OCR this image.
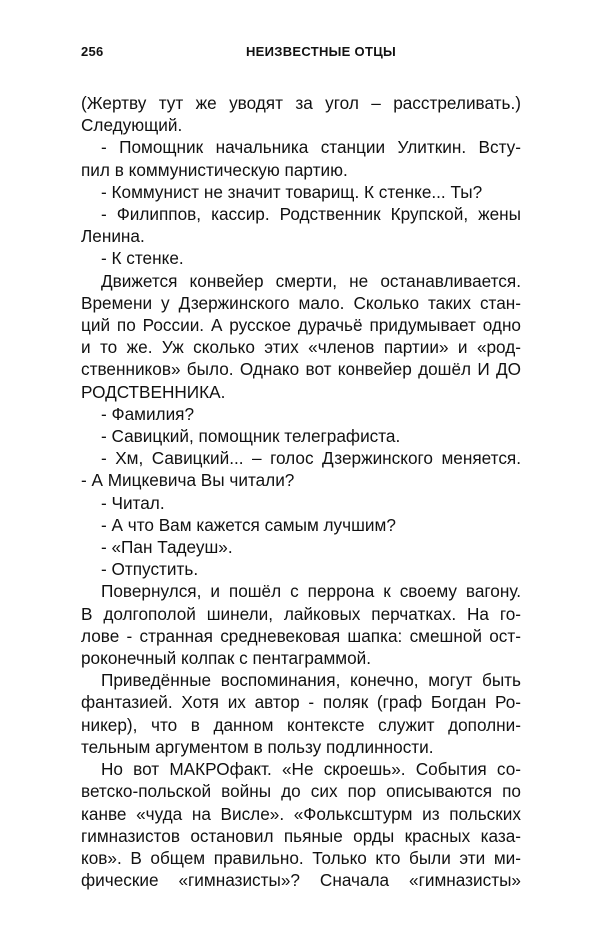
256	НЕИЗВЕСТНЫЕ ОТЦЫ
(Жертву тут же уводят за угол – расстреливать.)
Следующий.
- Помощник начальника станции Улиткин. Всту-
пил в коммунистическую партию.
- Коммунист не значит товарищ. К стенке... Ты?
- Филиппов, кассир. Родственник Крупской, жены
Ленина.
- К стенке.
Движется конвейер смерти, не останавливается.
Времени у Дзержинского мало. Сколько таких стан-
ций по России. А русское дурачьё придумывает одно
и то же. Уж сколько этих «членов партии» и «род-
ственников» было. Однако вот конвейер дошёл И ДО
РОДСТВЕННИКА.
- Фамилия?
- Савицкий, помощник телеграфиста.
- Хм, Савицкий... – голос Дзержинского меняется.
- А Мицкевича Вы читали?
- Читал.
- А что Вам кажется самым лучшим?
- «Пан Тадеуш».
- Отпустить.
Повернулся, и пошёл с перрона к своему вагону.
В долгополой шинели, лайковых перчатках. На го-
лове - странная средневековая шапка: смешной ост-
роконечный колпак с пентаграммой.
Приведённые воспоминания, конечно, могут быть
фантазией. Хотя их автор - поляк (граф Богдан Ро-
никер), что в данном контексте служит дополни-
тельным аргументом в пользу подлинности.
Но вот МАКРОфакт. «Не скроешь». События со-
ветско-польской войны до сих пор описываются по
канве «чуда на Висле». «Фольксштурм из польских
гимназистов остановил пьяные орды красных каза-
ков». В общем правильно. Только кто были эти ми-
фические «гимназисты»? Сначала «гимназисты»
